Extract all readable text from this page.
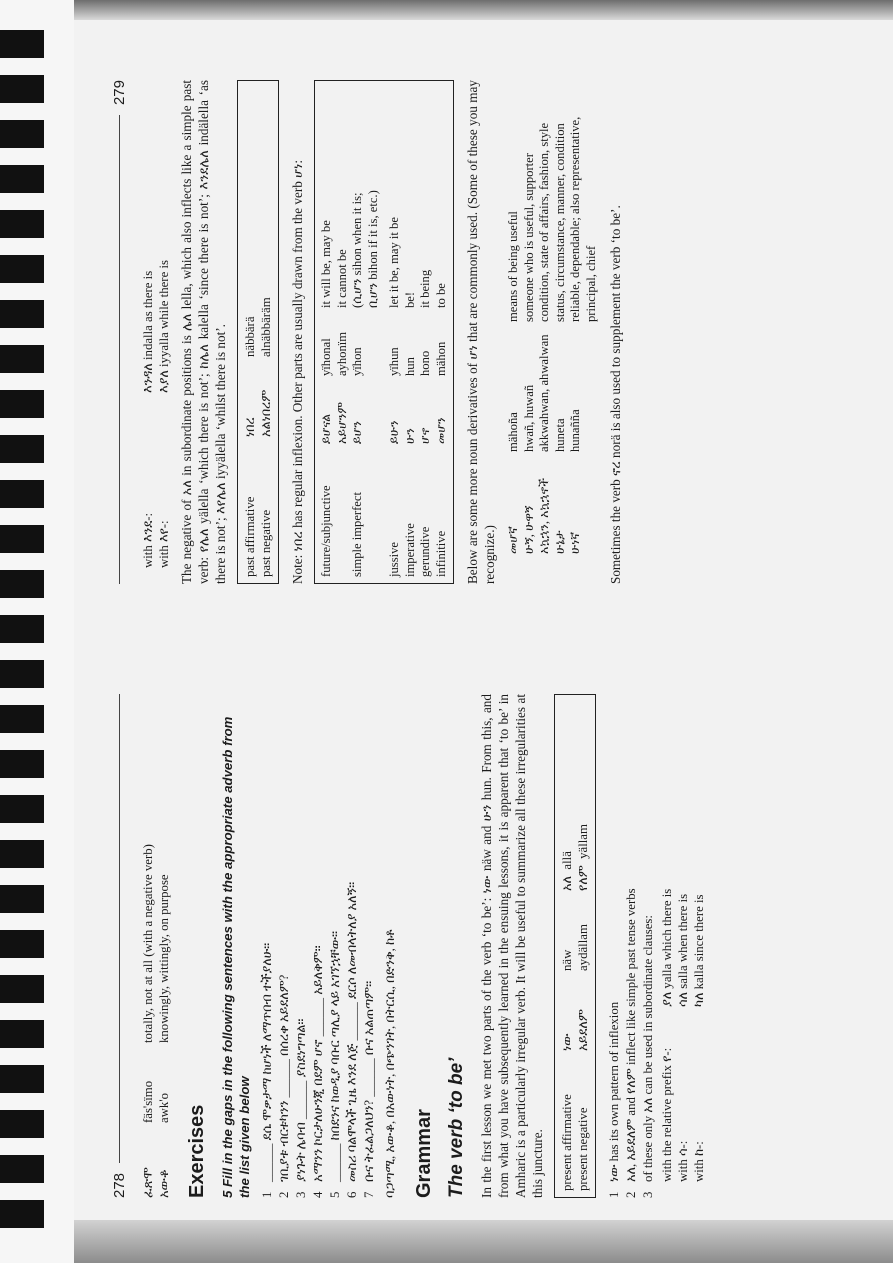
278 ፈጽሞ
fäs'sïmo
totally, not at all (with a negative verb)
አውቆ
awk'o
knowingly, wittingly, on purpose
Exercises 5 Fill in the gaps in the following sentences with the appropriate adverb from the list given below 1
______ ደሴ ሞቃታማ ከሆነች ለማጥበብ ተችያለሁ።
2
ገቢያቱ ብርቱካንን ______ በሰረቀ አይደለም?
3
ያነጉት ሌባብ ______ ያስደነግጣል።
4
አማንን ኮርታለሁንጂ በደም ሆኖ ______ አይለቅም።
5
______ ከበደንና ከወዲያ ባቡር ጣሊያ ላይ አገኘኋቸው።
6
መስሪ ባልሞላች ጊዜ እንደ ለጅ ______ ደርሶ ለመብላትለያ አለኝ።
7
ቡና ትፈልጋለህን? ______ ቡና አልጠጣም። ባጋጣሚ, አውቆ, በአውነት, በጭንገት, በትርሲ, በድንቅ, ከቶ Grammar The verb ‘to be’ In the first lesson we met two parts of the verb ‘to be’: ነው näw and ሁን hun. From this, and from what you have subsequently learned in the ensuing lessons, it is apparent that ‘to be’ in Amharic is a particularly irregular verb. It will be useful to summarize all these irregularities at this juncture. present affirmative
ነው
näw
አለ  allä
present negative
አይደለም
aydällam
የለም  yällam
1
ነው has its own pattern of inflexion
2
አለ, አይደለም and የለም inflect like simple past tense verbs
3
of these only አለ can be used in subordinate clauses: with the relative prefix የ-:
ያለ yalla which there is
with ሳ-:
ሳለ salla when there is
with ከ-:
ካለ kalla since there is
279
with እንደ-:
እንዳለ indalla as there is
with እየ-:
እያለ iyyalla while there is The negative of አለ in subordinate positions is ሌለ lella, which also inflects like a simple past verb: የሌለ yälella ‘which there is not’; ከሌለ kalella ‘since there is not’; እንደሌለ indälella ‘as there is not’; እየሌለ iyyälella ‘whilst there is not’. past affirmative
ነበረ
näbbärä
past negative
አልነበረም
alnäbbäräm Note: ነበረ has regular inflexion. Other parts are usually drawn from the verb ሆነ: future/subjunctive
ይሆናል
yïhonal
it will be, may be
አይሆንም
ayhonïm
it cannot be
simple imperfect
ይሆን
yïhon
(ሲሆን sihon when it is; ቢሆን bihon if it is, etc.)
jussive
ይሁን
yïhun
let it be, may it be
imperative
ሁን
hun
be!
gerundive
ሆኖ
hono
it being
infinitive
መሆን
mähon
to be Below are some more noun derivatives of ሆነ that are commonly used. (Some of these you may recognize.) መሆኛ
mähoña
means of being useful
ሁኝ, ሁዋኝ
hwañ, huwañ
someone who is useful, supporter
አኳኋን, አኳኋኖች
akkwahwan, ahwalwan
condition, state of affairs, fashion, style
ሁኔታ
huneta
status, circumstance, manner, condition
ሁነኛ
hunañña
reliable, dependable; also representative, principal, chief Sometimes the verb ኖረ norä is also used to supplement the verb ‘to be’.
